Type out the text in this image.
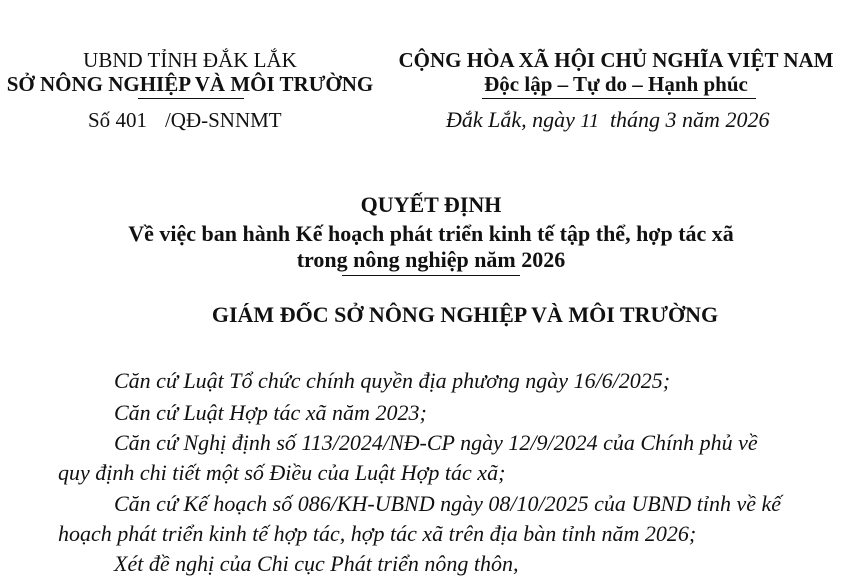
UBND TỈNH ĐẮK LẮK
SỞ NÔNG NGHIỆP VÀ MÔI TRƯỜNG
Số 401 /QĐ-SNNMT
CỘNG HÒA XÃ HỘI CHỦ NGHĨA VIỆT NAM
Độc lập – Tự do – Hạnh phúc
Đắk Lắk, ngày 11 tháng 3 năm 2026
QUYẾT ĐỊNH
Về việc ban hành Kế hoạch phát triển kinh tế tập thể, hợp tác xã
trong nông nghiệp năm 2026
GIÁM ĐỐC SỞ NÔNG NGHIỆP VÀ MÔI TRƯỜNG
Căn cứ Luật Tổ chức chính quyền địa phương ngày 16/6/2025;
Căn cứ Luật Hợp tác xã năm 2023;
Căn cứ Nghị định số 113/2024/NĐ-CP ngày 12/9/2024 của Chính phủ về
quy định chi tiết một số Điều của Luật Hợp tác xã;
Căn cứ Kế hoạch số 086/KH-UBND ngày 08/10/2025 của UBND tỉnh về kế
hoạch phát triển kinh tế hợp tác, hợp tác xã trên địa bàn tỉnh năm 2026;
Xét đề nghị của Chi cục Phát triển nông thôn,
